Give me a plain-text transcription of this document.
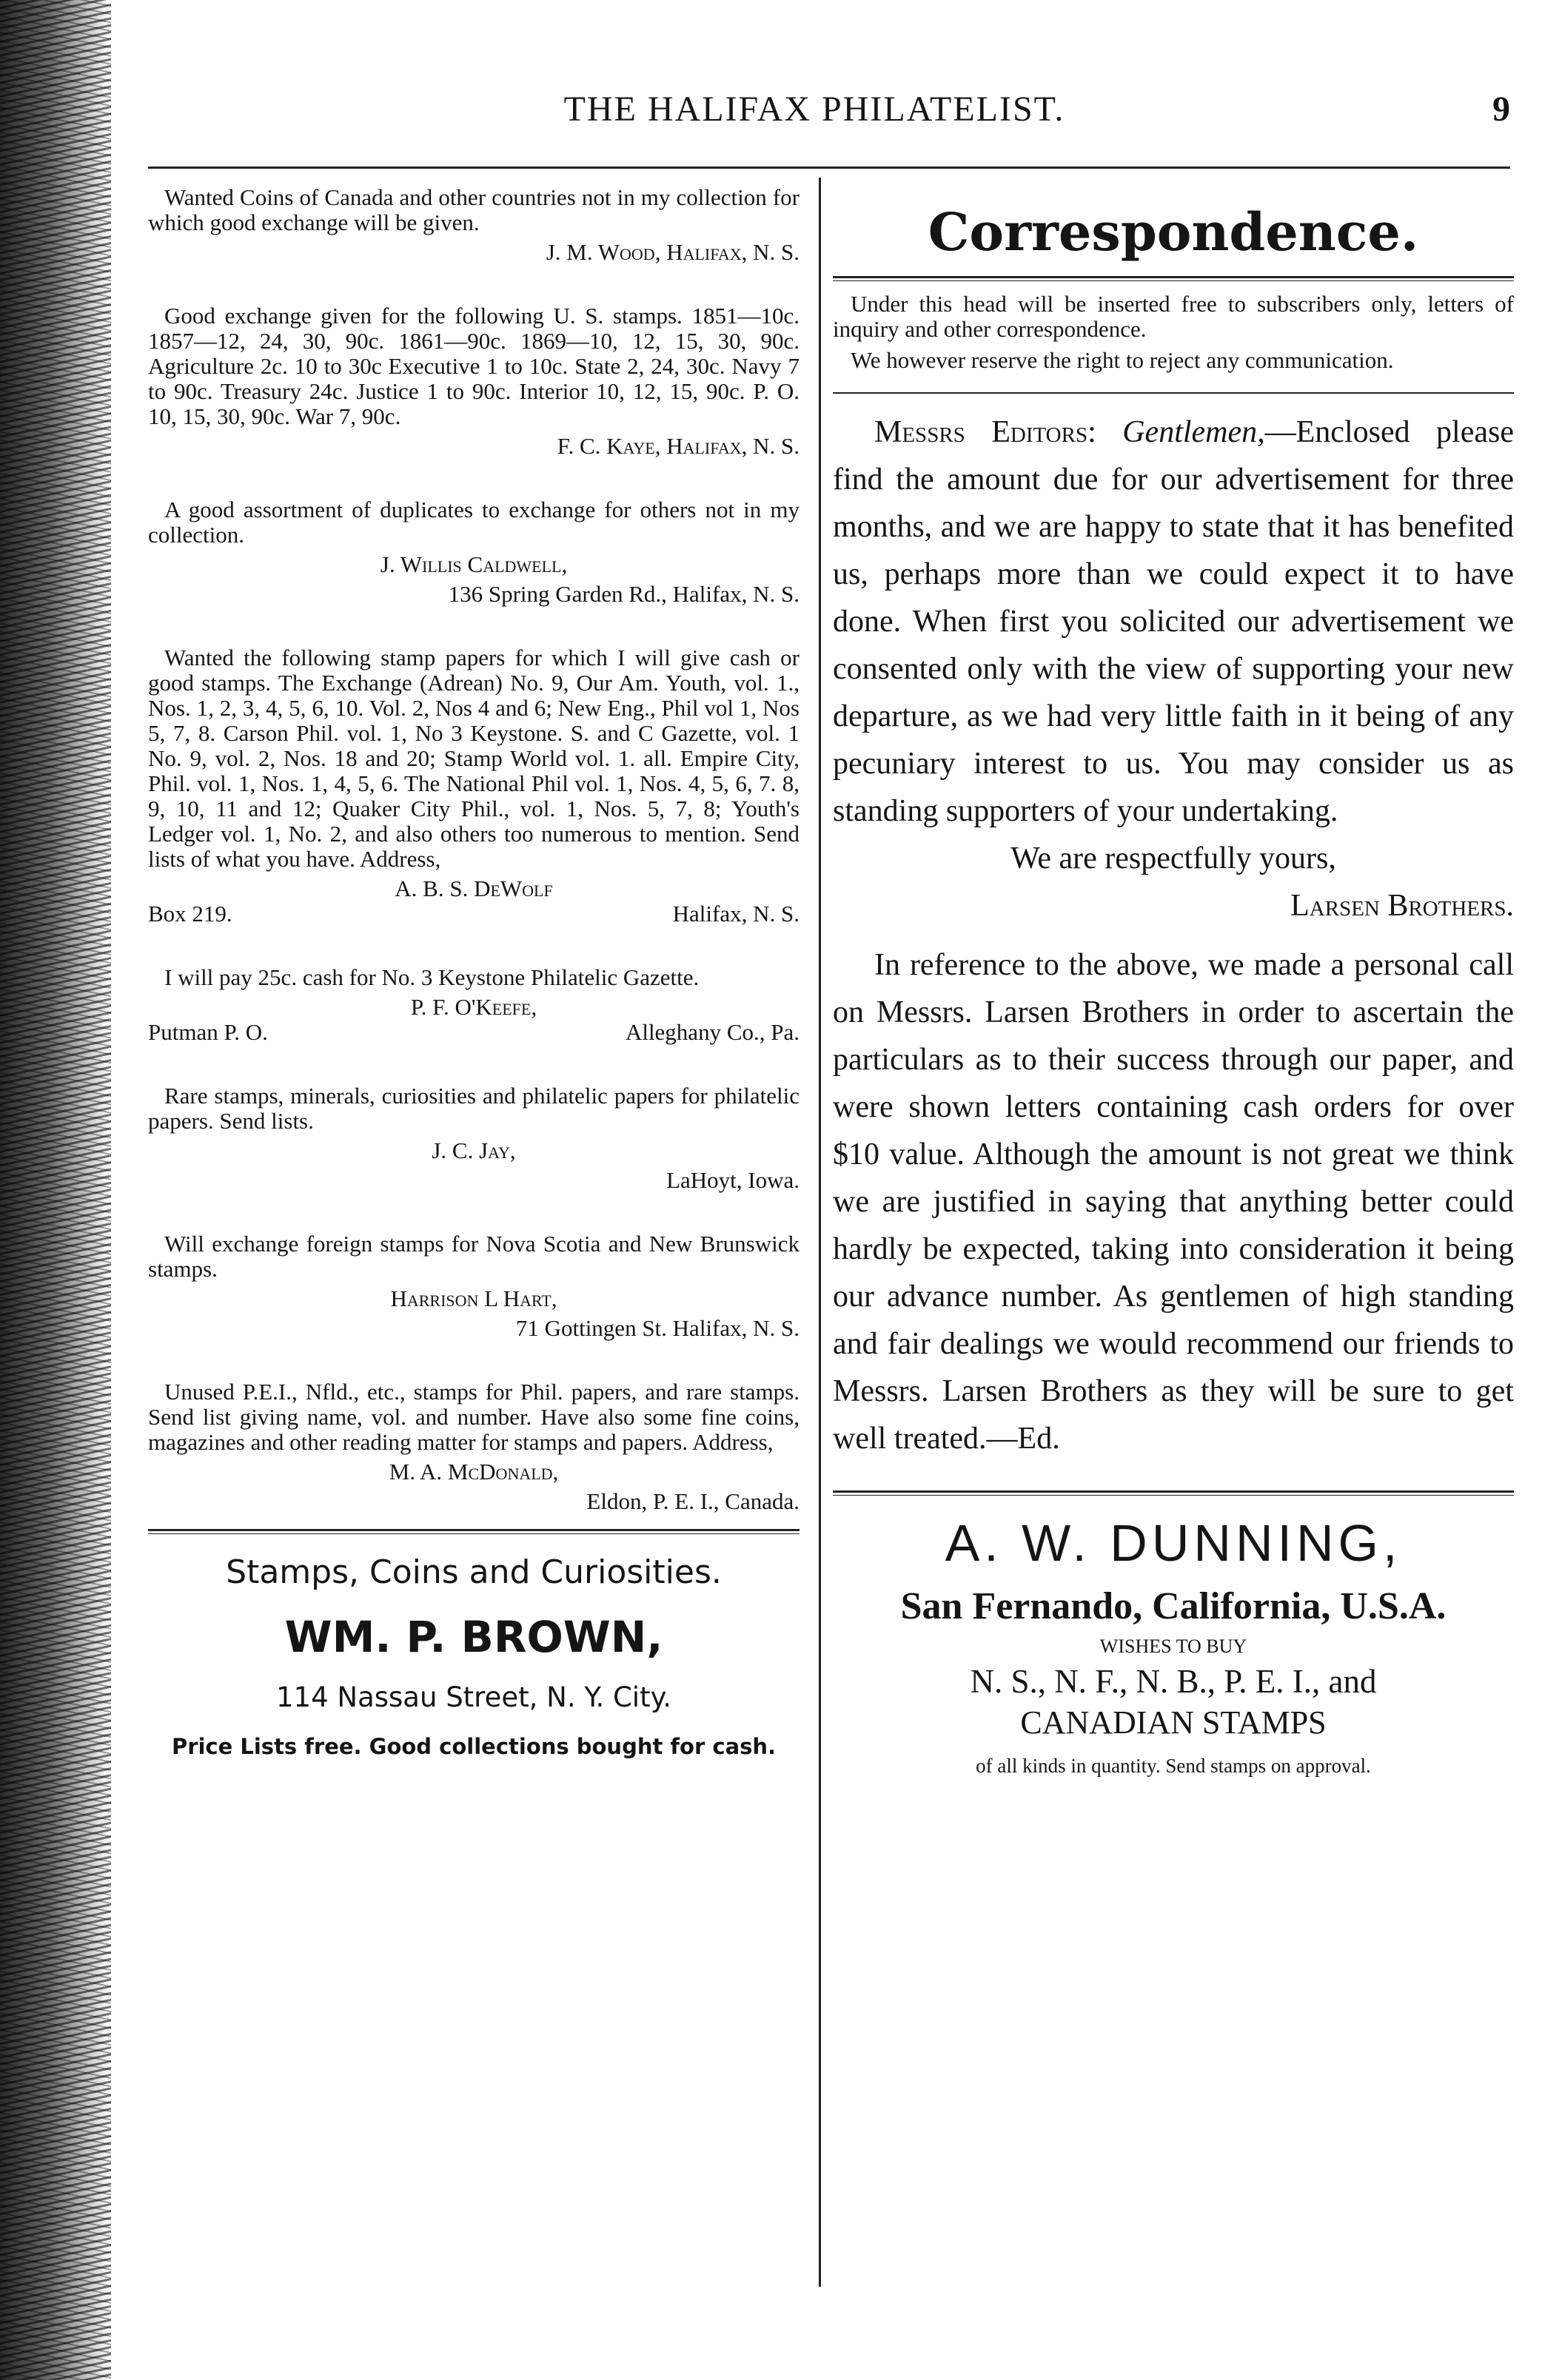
THE HALIFAX PHILATELIST.	9

Wanted Coins of Canada and other countries not in my collection for which good exchange will be given.

J. M. Wood, Halifax, N. S.

Good exchange given for the following U. S. stamps. 1851—10c. 1857—12, 24, 30, 90c. 1861—90c. 1869—10, 12, 15, 30, 90c. Agriculture 2c. 10 to 30c Executive 1 to 10c. State 2, 24, 30c. Navy 7 to 90c. Treasury 24c. Justice 1 to 90c. Interior 10, 12, 15, 90c. P. O. 10, 15, 30, 90c. War 7, 90c.

F. C. Kaye, Halifax, N. S.

A good assortment of duplicates to exchange for others not in my collection.

J. Willis Caldwell,
136 Spring Garden Rd., Halifax, N. S.

Wanted the following stamp papers for which I will give cash or good stamps. The Exchange (Adrean) No. 9, Our Am. Youth, vol. 1., Nos. 1, 2, 3, 4, 5, 6, 10. Vol. 2, Nos 4 and 6; New Eng., Phil vol 1, Nos 5, 7, 8. Carson Phil. vol. 1, No 3 Keystone. S. and C Gazette, vol. 1 No. 9, vol. 2, Nos. 18 and 20; Stamp World vol. 1. all. Empire City, Phil. vol. 1, Nos. 1, 4, 5, 6. The National Phil vol. 1, Nos. 4, 5, 6, 7. 8, 9, 10, 11 and 12; Quaker City Phil., vol. 1, Nos. 5, 7, 8; Youth's Ledger vol. 1, No. 2, and also others too numerous to mention. Send lists of what you have. Address,

A. B. S. DeWolf
Box 219.	Halifax, N. S.

I will pay 25c. cash for No. 3 Keystone Philatelic Gazette.

P. F. O'Keefe,
Putman P. O.	Alleghany Co., Pa.

Rare stamps, minerals, curiosities and philatelic papers for philatelic papers. Send lists.

J. C. Jay,
LaHoyt, Iowa.

Will exchange foreign stamps for Nova Scotia and New Brunswick stamps.

Harrison L Hart,
71 Gottingen St. Halifax, N. S.

Unused P.E.I., Nfld., etc., stamps for Phil. papers, and rare stamps. Send list giving name, vol. and number. Have also some fine coins, magazines and other reading matter for stamps and papers. Address,

M. A. McDonald,
Eldon, P. E. I., Canada.
Stamps, Coins and Curiosities.
WM. P. BROWN,
114 Nassau Street, N. Y. City.
Price Lists free. Good collections bought for cash.
Correspondence.

Under this head will be inserted free to subscribers only, letters of inquiry and other correspondence.

We however reserve the right to reject any communication.

Messrs Editors: Gentlemen,—Enclosed please find the amount due for our advertisement for three months, and we are happy to state that it has benefited us, perhaps more than we could expect it to have done. When first you solicited our advertisement we consented only with the view of supporting your new departure, as we had very little faith in it being of any pecuniary interest to us. You may consider us as standing supporters of your undertaking.

We are respectfully yours,

Larsen Brothers.

In reference to the above, we made a personal call on Messrs. Larsen Brothers in order to ascertain the particulars as to their success through our paper, and were shown letters containing cash orders for over $10 value. Although the amount is not great we think we are justified in saying that anything better could hardly be expected, taking into consideration it being our advance number. As gentlemen of high standing and fair dealings we would recommend our friends to Messrs. Larsen Brothers as they will be sure to get well treated.—Ed.

A. W. DUNNING,
San Fernando, California, U.S.A.
WISHES TO BUY
N. S., N. F., N. B., P. E. I., and
CANADIAN STAMPS
of all kinds in quantity. Send stamps on approval.
